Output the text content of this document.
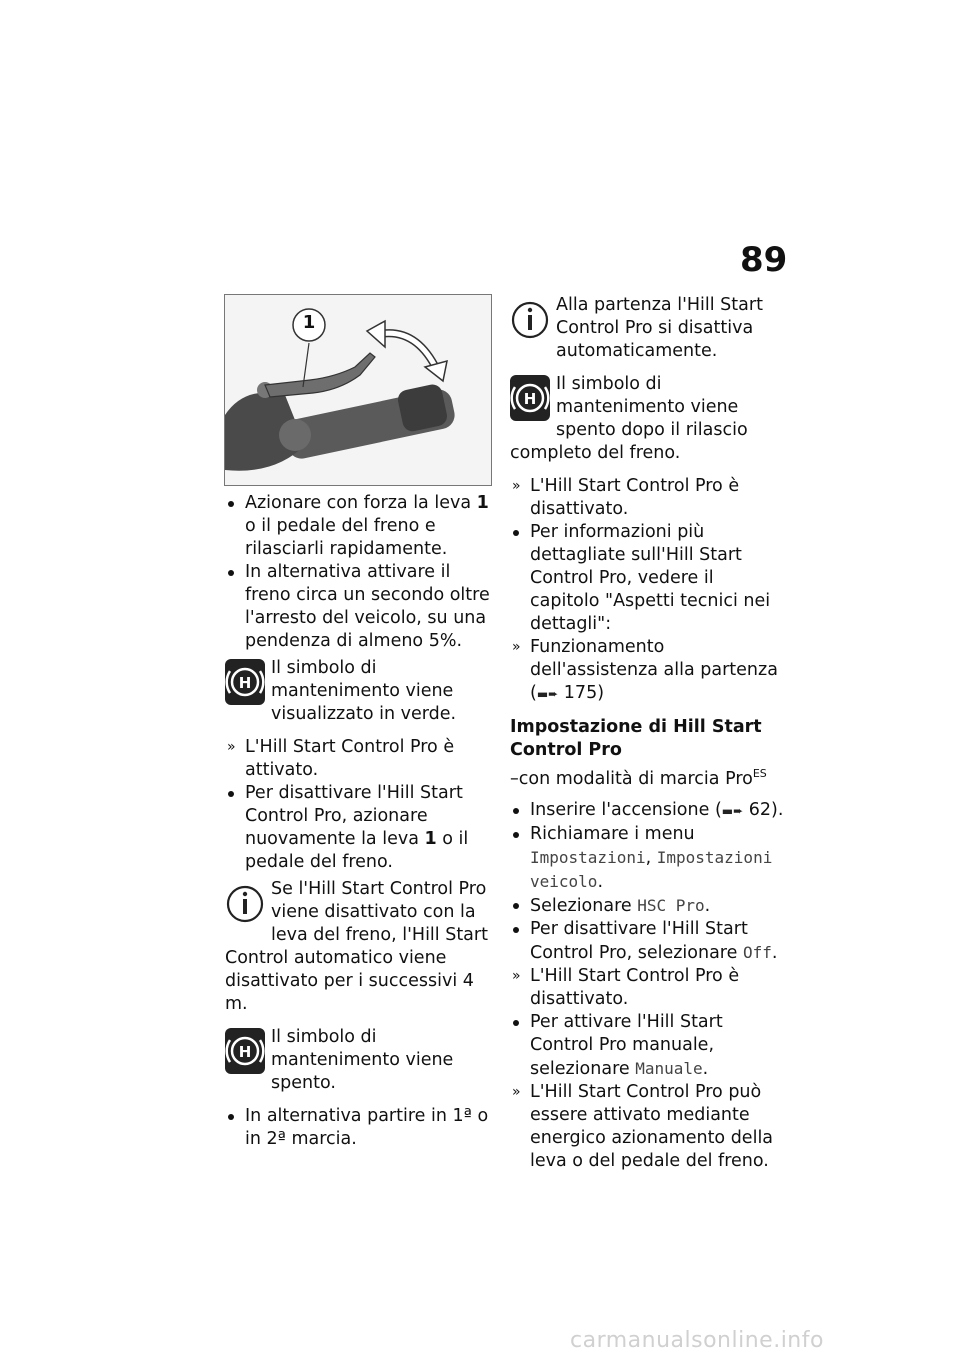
89
1

Azionare con forza la leva 1 o il pedale del freno e rilasciarli rapidamente.

In alternativa attivare il freno circa un secondo oltre l'arresto del veicolo, su una pendenza di almeno 5%.

H
Il simbolo di mantenimento viene visualizzato in verde.

» L'Hill Start Control Pro è attivato.

Per disattivare l'Hill Start Control Pro, azionare nuovamente la leva 1 o il pedale del freno.

Se l'Hill Start Control Pro viene disattivato con la leva del freno, l'Hill Start Control automatico viene disattivato per i successivi 4 m.
H
Il simbolo di mantenimento viene spento.

In alternativa partire in 1ª o in 2ª marcia.

Alla partenza l'Hill Start Control Pro si disattiva automaticamente.
H
Il simbolo di mantenimento viene spento dopo il rilascio completo del freno.

» L'Hill Start Control Pro è disattivato.

Per informazioni più dettagliate sull'Hill Start Control Pro, vedere il capitolo "Aspetti tecnici nei dettagli":

» Funzionamento dell'assistenza alla partenza (▬➨ 175)

Impostazione di Hill Start Control Pro
–con modalità di marcia Pro$^{ES}$

Inserire l'accensione (▬➨ 62).

Richiamare i menu Impostazioni, Impostazioni veicolo.

Selezionare HSC Pro.

Per disattivare l'Hill Start Control Pro, selezionare Off.

» L'Hill Start Control Pro è disattivato.

Per attivare l'Hill Start Control Pro manuale, selezionare Manuale.

» L'Hill Start Control Pro può essere attivato mediante energico azionamento della leva o del pedale del freno.

carmanualsonline.info
